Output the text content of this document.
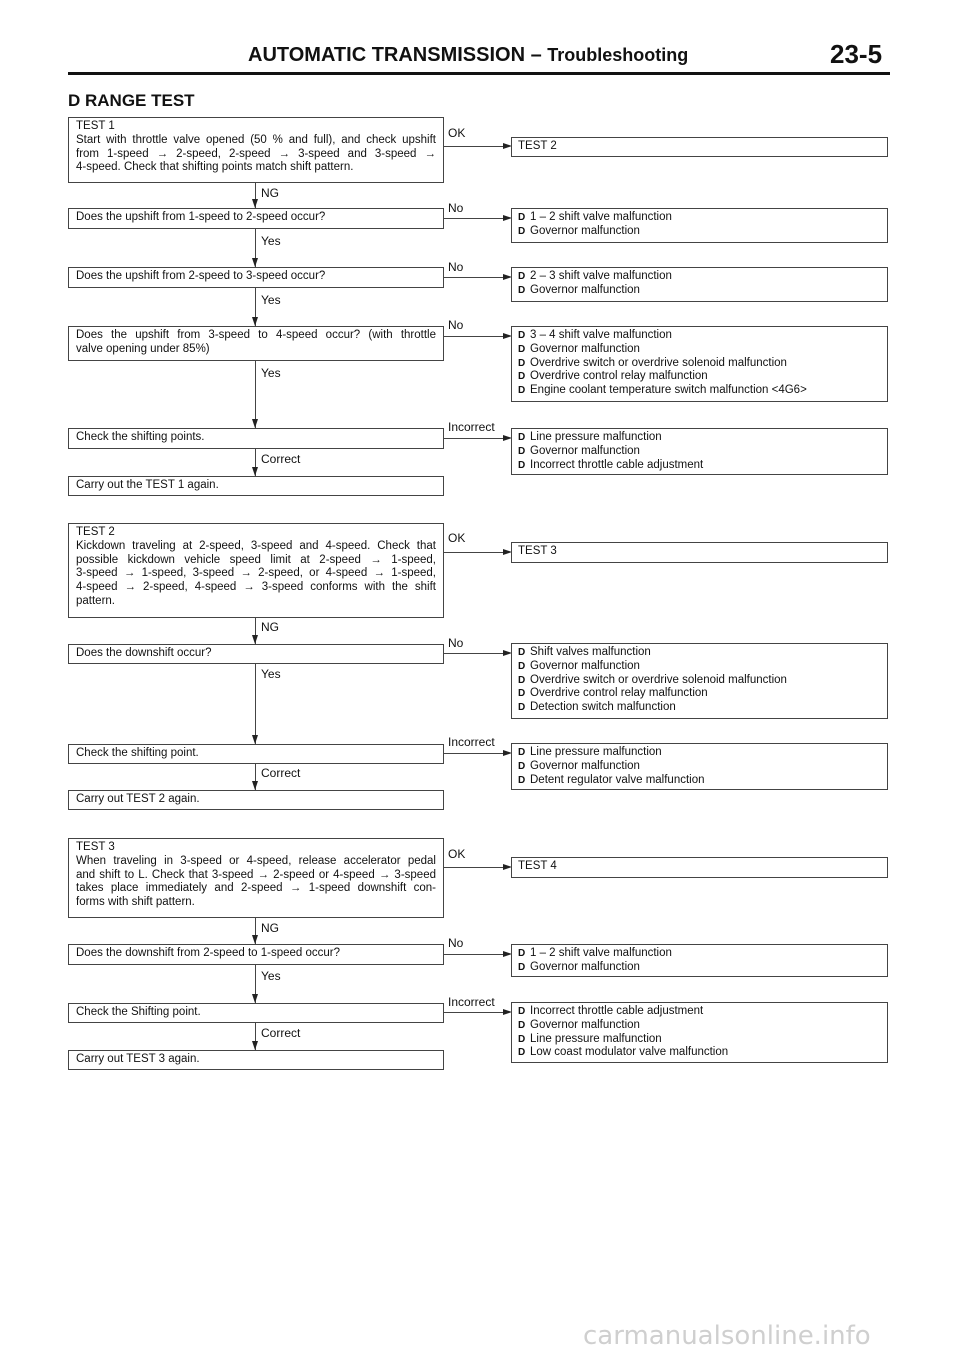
AUTOMATIC TRANSMISSION – Troubleshooting	23-5
D RANGE TEST
TEST 1
Start with throttle valve opened (50 % and full), and check upshift
from 1-speed → 2-speed, 2-speed → 3-speed and 3-speed →
4-speed. Check that shifting points match shift pattern.
OK
TEST 2
NG
Does the upshift from 1-speed to 2-speed occur?
No
D 1 – 2 shift valve malfunction
D Governor malfunction
Yes
Does the upshift from 2-speed to 3-speed occur?
No
D 2 – 3 shift valve malfunction
D Governor malfunction
Yes
Does the upshift from 3-speed to 4-speed occur? (with throttle
valve opening under 85%)
No
D 3 – 4 shift valve malfunction
D Governor malfunction
D Overdrive switch or overdrive solenoid malfunction
D Overdrive control relay malfunction
D Engine coolant temperature switch malfunction <4G6>
Yes
Check the shifting points.
Incorrect
D Line pressure malfunction
D Governor malfunction
D Incorrect throttle cable adjustment
Correct
Carry out the TEST 1 again.
TEST 2
Kickdown traveling at 2-speed, 3-speed and 4-speed. Check that
possible kickdown vehicle speed limit at 2-speed → 1-speed,
3-speed → 1-speed, 3-speed → 2-speed, or 4-speed → 1-speed,
4-speed → 2-speed, 4-speed → 3-speed conforms with the shift
pattern.
OK
TEST 3
NG
Does the downshift occur?
No
D Shift valves malfunction
D Governor malfunction
D Overdrive switch or overdrive solenoid malfunction
D Overdrive control relay malfunction
D Detection switch malfunction
Yes
Check the shifting point.
Incorrect
D Line pressure malfunction
D Governor malfunction
D Detent regulator valve malfunction
Correct
Carry out TEST 2 again.
TEST 3
When traveling in 3-speed or 4-speed, release accelerator pedal
and shift to L. Check that 3-speed → 2-speed or 4-speed → 3-speed
takes place immediately and 2-speed → 1-speed downshift con-
forms with shift pattern.
OK
TEST 4
NG
Does the downshift from 2-speed to 1-speed occur?
No
D 1 – 2 shift valve malfunction
D Governor malfunction
Yes
Check the Shifting point.
Incorrect
D Incorrect throttle cable adjustment
D Governor malfunction
D Line pressure malfunction
D Low coast modulator valve malfunction
Correct
Carry out TEST 3 again.
carmanualsonline.info
